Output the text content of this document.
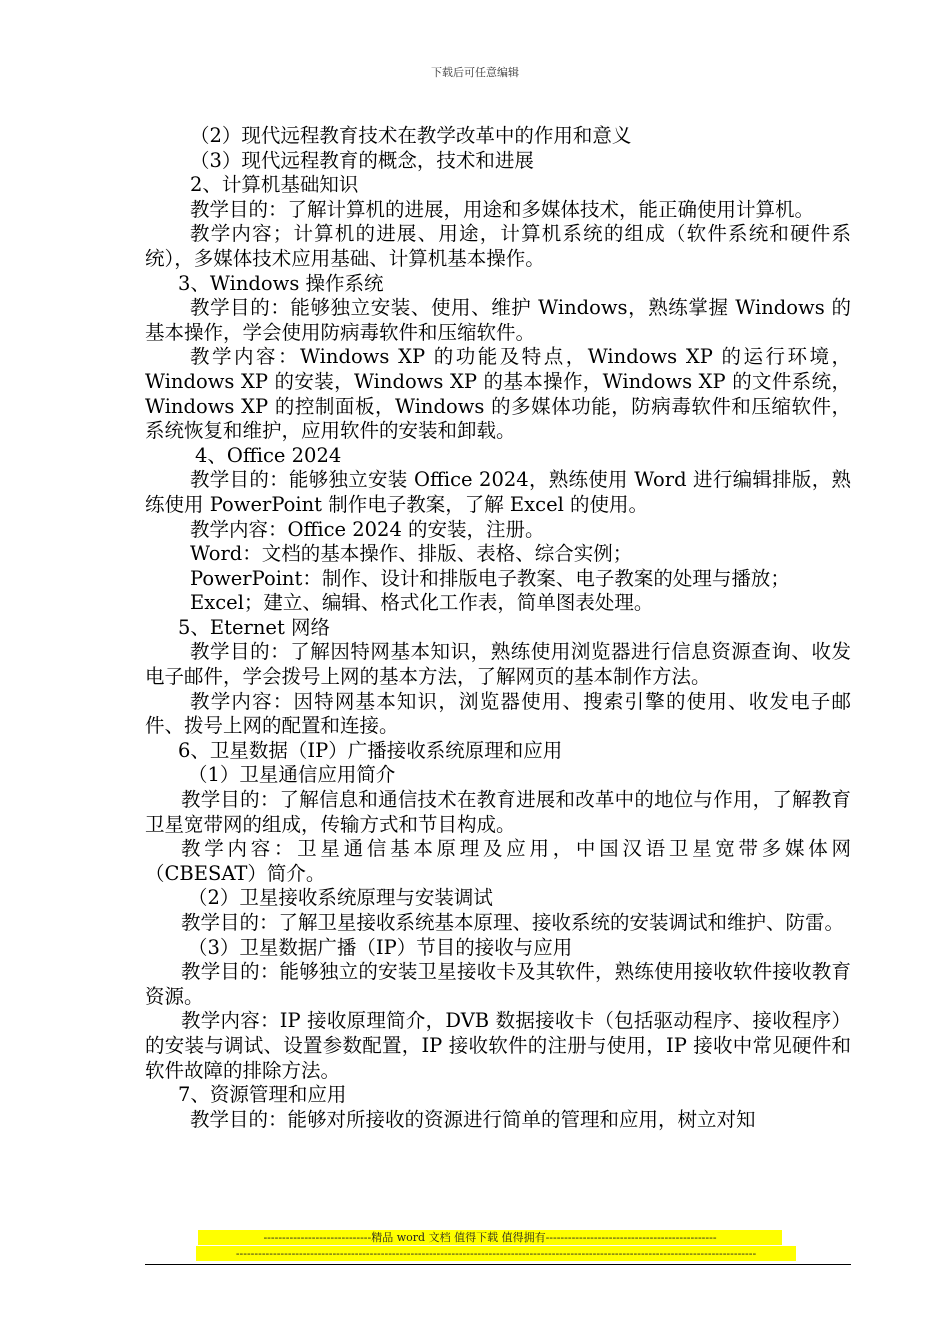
下载后可任意编辑

（2）现代远程教育技术在教学改革中的作用和意义

（3）现代远程教育的概念，技术和进展

2、计算机基础知识

教学目的：了解计算机的进展，用途和多媒体技术，能正确使用计算机。

教学内容；计算机的进展、用途，计算机系统的组成（软件系统和硬件系统），多媒体技术应用基础、计算机基本操作。

3、Windows 操作系统

教学目的：能够独立安装、使用、维护 Windows，熟练掌握 Windows 的基本操作，学会使用防病毒软件和压缩软件。

教学内容：Windows XP 的功能及特点，Windows XP 的运行环境，Windows XP 的安装，Windows XP 的基本操作，Windows XP 的文件系统，Windows XP 的控制面板，Windows 的多媒体功能，防病毒软件和压缩软件，系统恢复和维护，应用软件的安装和卸载。

4、Office 2024

教学目的：能够独立安装 Office 2024，熟练使用 Word 进行编辑排版，熟练使用 PowerPoint 制作电子教案，了解 Excel 的使用。

教学内容：Office 2024 的安装，注册。

Word：文档的基本操作、排版、表格、综合实例；

PowerPoint：制作、设计和排版电子教案、电子教案的处理与播放；

Excel；建立、编辑、格式化工作表，简单图表处理。

5、Eternet 网络

教学目的：了解因特网基本知识，熟练使用浏览器进行信息资源查询、收发电子邮件，学会拨号上网的基本方法，了解网页的基本制作方法。

教学内容：因特网基本知识，浏览器使用、搜索引擎的使用、收发电子邮件、拨号上网的配置和连接。

6、卫星数据（IP）广播接收系统原理和应用

（1）卫星通信应用简介

教学目的：了解信息和通信技术在教育进展和改革中的地位与作用，了解教育卫星宽带网的组成，传输方式和节目构成。

教学内容：卫星通信基本原理及应用，中国汉语卫星宽带多媒体网（CBESAT）简介。

（2）卫星接收系统原理与安装调试

教学目的：了解卫星接收系统基本原理、接收系统的安装调试和维护、防雷。

（3）卫星数据广播（IP）节目的接收与应用

教学目的：能够独立的安装卫星接收卡及其软件，熟练使用接收软件接收教育资源。

教学内容：IP 接收原理简介，DVB 数据接收卡（包括驱动程序、接收程序）的安装与调试、设置参数配置，IP 接收软件的注册与使用，IP 接收中常见硬件和软件故障的排除方法。

7、资源管理和应用

教学目的：能够对所接收的资源进行简单的管理和应用，树立对知

-----------------------------精品 word 文档 值得下载 值得拥有----------------------------------------------
--------------------------------------------------------------------------------------------------------------------------------------------
